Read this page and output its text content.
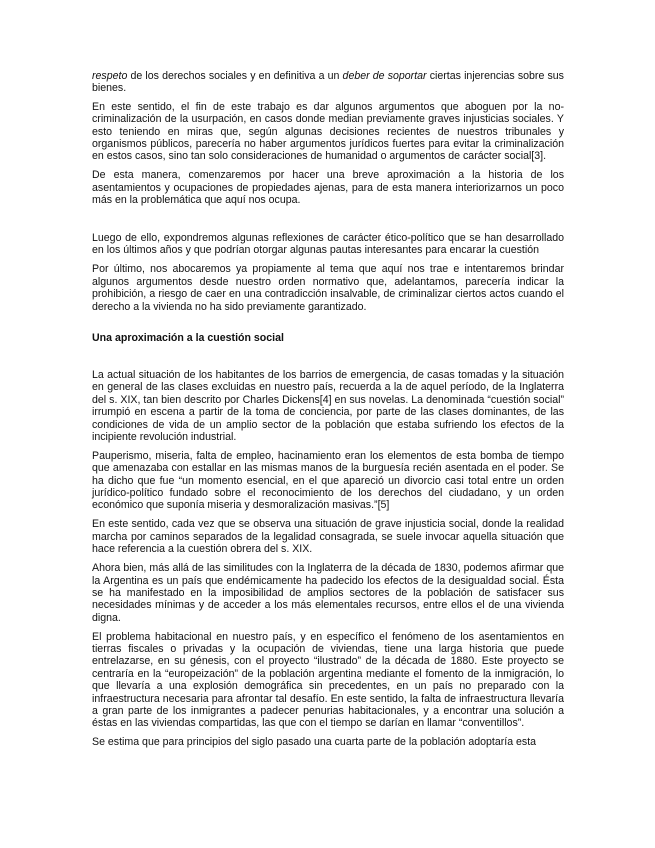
respeto de los derechos sociales y en definitiva a un deber de soportar ciertas injerencias sobre sus bienes.

En este sentido, el fin de este trabajo es dar algunos argumentos que aboguen por la no-criminalización de la usurpación, en casos donde median previamente graves injusticias sociales. Y esto teniendo en miras que, según algunas decisiones recientes de nuestros tribunales y organismos públicos, parecería no haber argumentos jurídicos fuertes para evitar la criminalización en estos casos, sino tan solo consideraciones de humanidad o argumentos de carácter social[3].

De esta manera, comenzaremos por hacer una breve aproximación a la historia de los asentamientos y ocupaciones de propiedades ajenas, para de esta manera interiorizarnos un poco más en la problemática que aquí nos ocupa.

Luego de ello, expondremos algunas reflexiones de carácter ético-político que se han desarrollado en los últimos años y que podrían otorgar algunas pautas interesantes para encarar la cuestión

Por último, nos abocaremos ya propiamente al tema que aquí nos trae e intentaremos brindar algunos argumentos desde nuestro orden normativo que, adelantamos, parecería indicar la prohibición, a riesgo de caer en una contradicción insalvable, de criminalizar ciertos actos cuando el derecho a la vivienda no ha sido previamente garantizado.

Una aproximación a la cuestión social

La actual situación de los habitantes de los barrios de emergencia, de casas tomadas y la situación en general de las clases excluidas en nuestro país, recuerda a la de aquel período, de la Inglaterra del s. XIX, tan bien descrito por Charles Dickens[4] en sus novelas. La denominada “cuestión social” irrumpió en escena a partir de la toma de conciencia, por parte de las clases dominantes, de las condiciones de vida de un amplio sector de la población que estaba sufriendo los efectos de la incipiente revolución industrial.

Pauperismo, miseria, falta de empleo, hacinamiento eran los elementos de esta bomba de tiempo que amenazaba con estallar en las mismas manos de la burguesía recién asentada en el poder. Se ha dicho que fue “un momento esencial, en el que apareció un divorcio casi total entre un orden jurídico-político fundado sobre el reconocimiento de los derechos del ciudadano, y un orden económico que suponía miseria y desmoralización masivas.”[5]

En este sentido, cada vez que se observa una situación de grave injusticia social, donde la realidad marcha por caminos separados de la legalidad consagrada, se suele invocar aquella situación que hace referencia a la cuestión obrera del s. XIX.

Ahora bien, más allá de las similitudes con la Inglaterra de la década de 1830, podemos afirmar que la Argentina es un país que endémicamente ha padecido los efectos de la desigualdad social. Ésta se ha manifestado en la imposibilidad de amplios sectores de la población de satisfacer sus necesidades mínimas y de acceder a los más elementales recursos, entre ellos el de una vivienda digna.

El problema habitacional en nuestro país, y en específico el fenómeno de los asentamientos en tierras fiscales o privadas y la ocupación de viviendas, tiene una larga historia que puede entrelazarse, en su génesis, con el proyecto “ilustrado” de la década de 1880. Este proyecto se centraría en la “europeización” de la población argentina mediante el fomento de la inmigración, lo que llevaría a una explosión demográfica sin precedentes, en un país no preparado con la infraestructura necesaria para afrontar tal desafío. En este sentido, la falta de infraestructura llevaría a gran parte de los inmigrantes a padecer penurias habitacionales, y a encontrar una solución a éstas en las viviendas compartidas, las que con el tiempo se darían en llamar “conventillos”.

Se estima que para principios del siglo pasado una cuarta parte de la población adoptaría esta
